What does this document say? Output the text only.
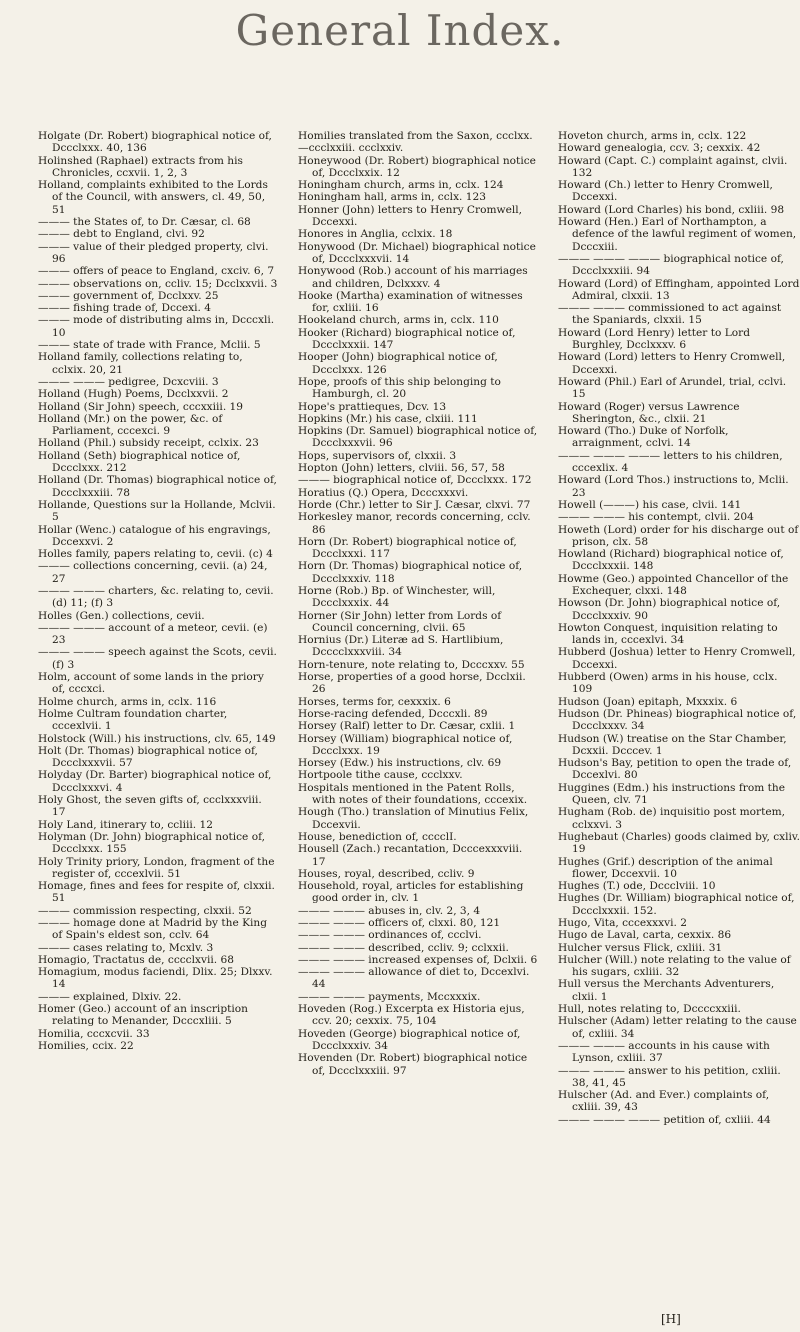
General Index.
Holgate (Dr. Robert) biographical notice of, Dccclxxx. 40, 136
Holinshed (Raphael) extracts from his Chronicles, ccxvii. 1, 2, 3
Holland, complaints exhibited to the Lords of the Council, with answers, cl. 49, 50, 51
——— the States of, to Dr. Cæsar, cl. 68
——— debt to England, clvi. 92
——— value of their pledged property, clvi. 96
——— offers of peace to England, cxciv. 6, 7
——— observations on, ccliv. 15; Dcclxxvii. 3
——— government of, Dcclxxv. 25
——— fishing trade of, Dccexi. 4
——— mode of distributing alms in, Dcccxli. 10
——— state of trade with France, Mclii. 5
Holland family, collections relating to, cclxix. 20, 21
——— ——— pedigree, Dcxcviii. 3
Holland (Hugh) Poems, Dcclxxvii. 2
Holland (Sir John) speech, cccxxiii. 19
Holland (Mr.) on the power, &c. of Parliament, cccexci. 9
Holland (Phil.) subsidy receipt, cclxix. 23
Holland (Seth) biographical notice of, Dccclxxx. 212
Holland (Dr. Thomas) biographical notice of, Dccclxxxiii. 78
Hollande, Questions sur la Hollande, Mclvii. 5
Hollar (Wenc.) catalogue of his engravings, Dccexxvi. 2
Holles family, papers relating to, cevii. (c) 4
——— collections concerning, cevii. (a) 24, 27
——— ——— charters, &c. relating to, cevii. (d) 11; (f) 3
Holles (Gen.) collections, cevii.
——— ——— account of a meteor, cevii. (e) 23
——— ——— speech against the Scots, cevii. (f) 3
Holm, account of some lands in the priory of, cccxci.
Holme church, arms in, cclx. 116
Holme Cultram foundation charter, cccexlvii. 1
Holstock (Will.) his instructions, clv. 65, 149
Holt (Dr. Thomas) biographical notice of, Dccclxxxvii. 57
Holyday (Dr. Barter) biographical notice of, Dccclxxxvi. 4
Holy Ghost, the seven gifts of, ccclxxxviii. 17
Holy Land, itinerary to, ccliii. 12
Holyman (Dr. John) biographical notice of, Dccclxxx. 155
Holy Trinity priory, London, fragment of the register of, cccexlvii. 51
Homage, fines and fees for respite of, clxxii. 51
——— commission respecting, clxxii. 52
——— homage done at Madrid by the King of Spain's eldest son, cclv. 64
——— cases relating to, Mcxlv. 3
Homagio, Tractatus de, cccclxvii. 68
Homagium, modus faciendi, Dlix. 25; Dlxxv. 14
——— explained, Dlxiv. 22.
Homer (Geo.) account of an inscription relating to Menander, Dcccxliii. 5
Homilia, cccxcvii. 33
Homilies, ccix. 22
Homilies translated from the Saxon, ccclxx.
—ccclxxiii. ccclxxiv.
Honeywood (Dr. Robert) biographical notice of, Dccclxxix. 12
Honingham church, arms in, cclx. 124
Honingham hall, arms in, cclx. 123
Honner (John) letters to Henry Cromwell, Dccexxi.
Honores in Anglia, cclxix. 18
Honywood (Dr. Michael) biographical notice of, Dccclxxxvii. 14
Honywood (Rob.) account of his marriages and children, Dclxxxv. 4
Hooke (Martha) examination of witnesses for, cxliii. 16
Hookeland church, arms in, cclx. 110
Hooker (Richard) biographical notice of, Dccclxxxii. 147
Hooper (John) biographical notice of, Dccclxxx. 126
Hope, proofs of this ship belonging to Hamburgh, cl. 20
Hope's prattieques, Dcv. 13
Hopkins (Mr.) his case, clxiii. 111
Hopkins (Dr. Samuel) biographical notice of, Dccclxxxvii. 96
Hops, supervisors of, clxxii. 3
Hopton (John) letters, clviii. 56, 57, 58
——— biographical notice of, Dccclxxx. 172
Horatius (Q.) Opera, Dcccxxxvi.
Horde (Chr.) letter to Sir J. Cæsar, clxvi. 77
Horkesley manor, records concerning, cclv. 86
Horn (Dr. Robert) biographical notice of, Dccclxxxi. 117
Horn (Dr. Thomas) biographical notice of, Dccclxxxiv. 118
Horne (Rob.) Bp. of Winchester, will, Dccclxxxix. 44
Horner (Sir John) letter from Lords of Council concerning, clvii. 65
Hornius (Dr.) Literæ ad S. Hartlibium, Dcccclxxxviii. 34
Horn-tenure, note relating to, Dcccxxv. 55
Horse, properties of a good horse, Dcclxii. 26
Horses, terms for, cexxxix. 6
Horse-racing defended, Dcccxli. 89
Horsey (Ralf) letter to Dr. Cæsar, cxlii. 1
Horsey (William) biographical notice of, Dccclxxx. 19
Horsey (Edw.) his instructions, clv. 69
Hortpoole tithe cause, ccclxxv.
Hospitals mentioned in the Patent Rolls, with notes of their foundations, cccexix.
Hough (Tho.) translation of Minutius Felix, Dccexvii.
House, benediction of, cccclI.
Housell (Zach.) recantation, Dcccexxxviii. 17
Houses, royal, described, ccliv. 9
Household, royal, articles for establishing good order in, clv. 1
——— ——— abuses in, clv. 2, 3, 4
——— ——— officers of, clxxi. 80, 121
——— ——— ordinances of, ccclvi.
——— ——— described, ccliv. 9; cclxxii.
——— ——— increased expenses of, Dclxii. 6
——— ——— allowance of diet to, Dccexlvi. 44
——— ——— payments, Mccxxxix.
Hoveden (Rog.) Excerpta ex Historia ejus, ccv. 20; cexxix. 75, 104
Hoveden (George) biographical notice of, Dccclxxxiv. 34
Hovenden (Dr. Robert) biographical notice of, Dccclxxxiii. 97
Hoveton church, arms in, cclx. 122
Howard genealogia, ccv. 3; cexxix. 42
Howard (Capt. C.) complaint against, clvii. 132
Howard (Ch.) letter to Henry Cromwell, Dccexxi.
Howard (Lord Charles) his bond, cxliii. 98
Howard (Hen.) Earl of Northampton, a defence of the lawful regiment of women, Dcccxiii.
——— ——— ——— biographical notice of, Dccclxxxiii. 94
Howard (Lord) of Effingham, appointed Lord Admiral, clxxii. 13
——— ——— commissioned to act against the Spaniards, clxxii. 15
Howard (Lord Henry) letter to Lord Burghley, Dcclxxxv. 6
Howard (Lord) letters to Henry Cromwell, Dccexxi.
Howard (Phil.) Earl of Arundel, trial, cclvi. 15
Howard (Roger) versus Lawrence Sherington, &c., clxii. 21
Howard (Tho.) Duke of Norfolk, arraignment, cclvi. 14
——— ——— ——— letters to his children, cccexlix. 4
Howard (Lord Thos.) instructions to, Mclii. 23
Howell (———) his case, clvii. 141
——— ——— his contempt, clvii. 204
Howeth (Lord) order for his discharge out of prison, clx. 58
Howland (Richard) biographical notice of, Dccclxxxii. 148
Howme (Geo.) appointed Chancellor of the Exchequer, clxxi. 148
Howson (Dr. John) biographical notice of, Dccclxxxiv. 90
Howton Conquest, inquisition relating to lands in, cccexlvi. 34
Hubberd (Joshua) letter to Henry Cromwell, Dccexxi.
Hubberd (Owen) arms in his house, cclx. 109
Hudson (Joan) epitaph, Mxxxix. 6
Hudson (Dr. Phineas) biographical notice of, Dccclxxxv. 34
Hudson (W.) treatise on the Star Chamber, Dcxxii. Dcccev. 1
Hudson's Bay, petition to open the trade of, Dccexlvi. 80
Huggines (Edm.) his instructions from the Queen, clv. 71
Hugham (Rob. de) inquisitio post mortem, cclxxvi. 3
Hughebaut (Charles) goods claimed by, cxliv. 19
Hughes (Grif.) description of the animal flower, Dccexvii. 10
Hughes (T.) ode, Dccclviii. 10
Hughes (Dr. William) biographical notice of, Dccclxxxii. 152.
Hugo, Vita, cccexxxvi. 2
Hugo de Laval, carta, cexxix. 86
Hulcher versus Flick, cxliii. 31
Hulcher (Will.) note relating to the value of his sugars, cxliii. 32
Hull versus the Merchants Adventurers, clxii. 1
Hull, notes relating to, Dccccxxiii.
Hulscher (Adam) letter relating to the cause of, cxliii. 34
——— ——— accounts in his cause with Lynson, cxliii. 37
——— ——— answer to his petition, cxliii. 38, 41, 45
Hulscher (Ad. and Ever.) complaints of, cxliii. 39, 43
——— ——— ——— petition of, cxliii. 44
[H]
